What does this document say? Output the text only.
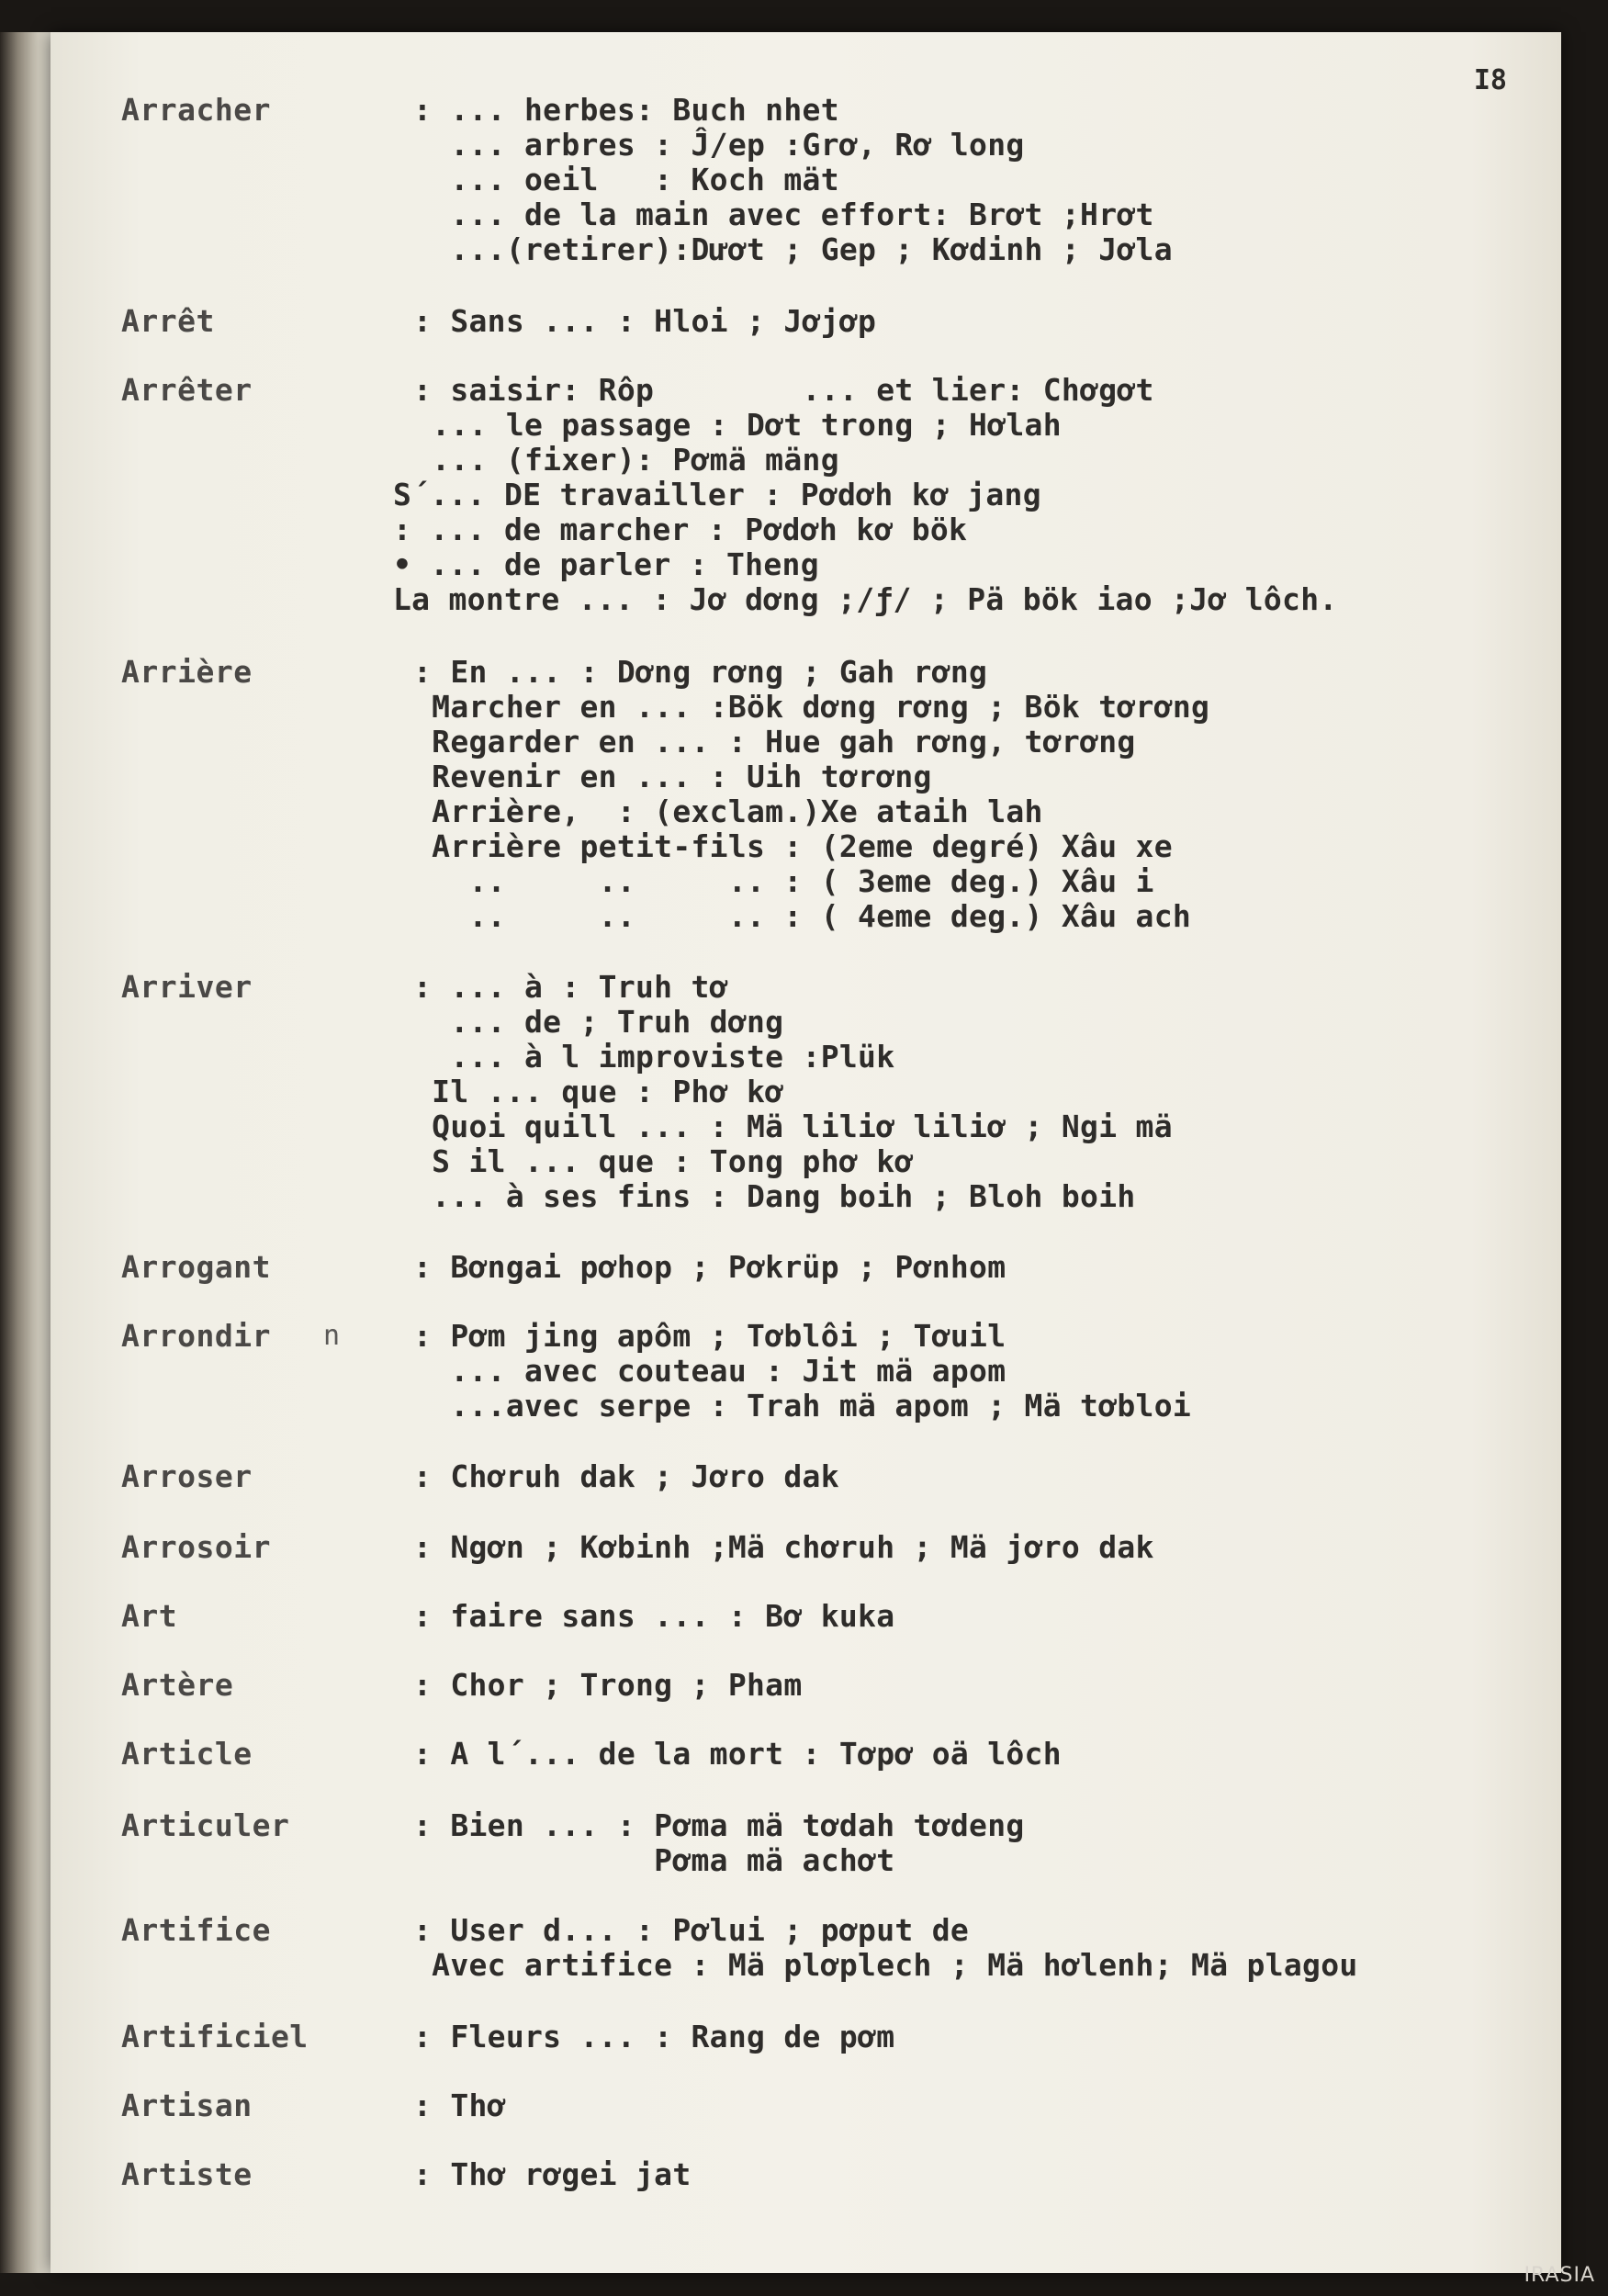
I8
Arracher	: ... herbes: Buch nhet
... arbres : Ĵ/ep :Grơ, Rơ long
... oeil   : Koch mät
... de la main avec effort: Brơt ;Hrơt
...(retirer):Dươt ; Gep ; Kơdinh ; Jơla
Arrêt	: Sans ... : Hloi ; Jơjơp
Arrêter	: saisir: Rôp        ... et lier: Chơgơt
... le passage : Dơt trong ; Hơlah
... (fixer): Pơmä mäng
S´... DE travailler : Pơdơh kơ jang
: ... de marcher : Pơdơh kơ bök
• ... de parler : Theng
La montre ... : Jơ dơng ;/ƒ/ ; Pä bök iao ;Jơ lôch.
Arrière	: En ... : Dơng rơng ; Gah rơng
Marcher en ... :Bök dơng rơng ; Bök tơrơng
Regarder en ... : Hue gah rơng, tơrơng
Revenir en ... : Uih tơrơng
Arrière,  : (exclam.)Xe ataih lah
Arrière petit-fils : (2eme degré) Xâu xe
..     ..     .. : ( 3eme deg.) Xâu i
..     ..     .. : ( 4eme deg.) Xâu ach
Arriver	: ... à : Truh tơ
... de ; Truh dơng
... à l improviste :Plük
Il ... que : Phơ kơ
Quoi quill ... : Mä liliơ liliơ ; Ngi mä
S il ... que : Tong phơ kơ
... à ses fins : Dang boih ; Bloh boih
Arrogant	: Bơngai pơhop ; Pơkrüp ; Pơnhom
Arrondir n : Pơm jing apôm ; Tơblôi ; Tơuil
... avec couteau : Jit mä apom
...avec serpe : Trah mä apom ; Mä tơbloi
Arroser	: Chơruh dak ; Jơro dak
Arrosoir	: Ngơn ; Kơbinh ;Mä chơruh ; Mä jơro dak
Art	: faire sans ... : Bơ kuka
Artère	: Chor ; Trong ; Pham
Article	: A l´... de la mort : Tơpơ oä lôch
Articuler	: Bien ... : Pơma mä tơdah tơdeng
Pơma mä achơt
Artifice	: User d... : Pơlui ; pơput de
Avec artifice : Mä plơplech ; Mä hơlenh; Mä plagou
Artificiel	: Fleurs ... : Rang de pơm
Artisan	: Thơ
Artiste	: Thơ rơgei jat
IRASIA
